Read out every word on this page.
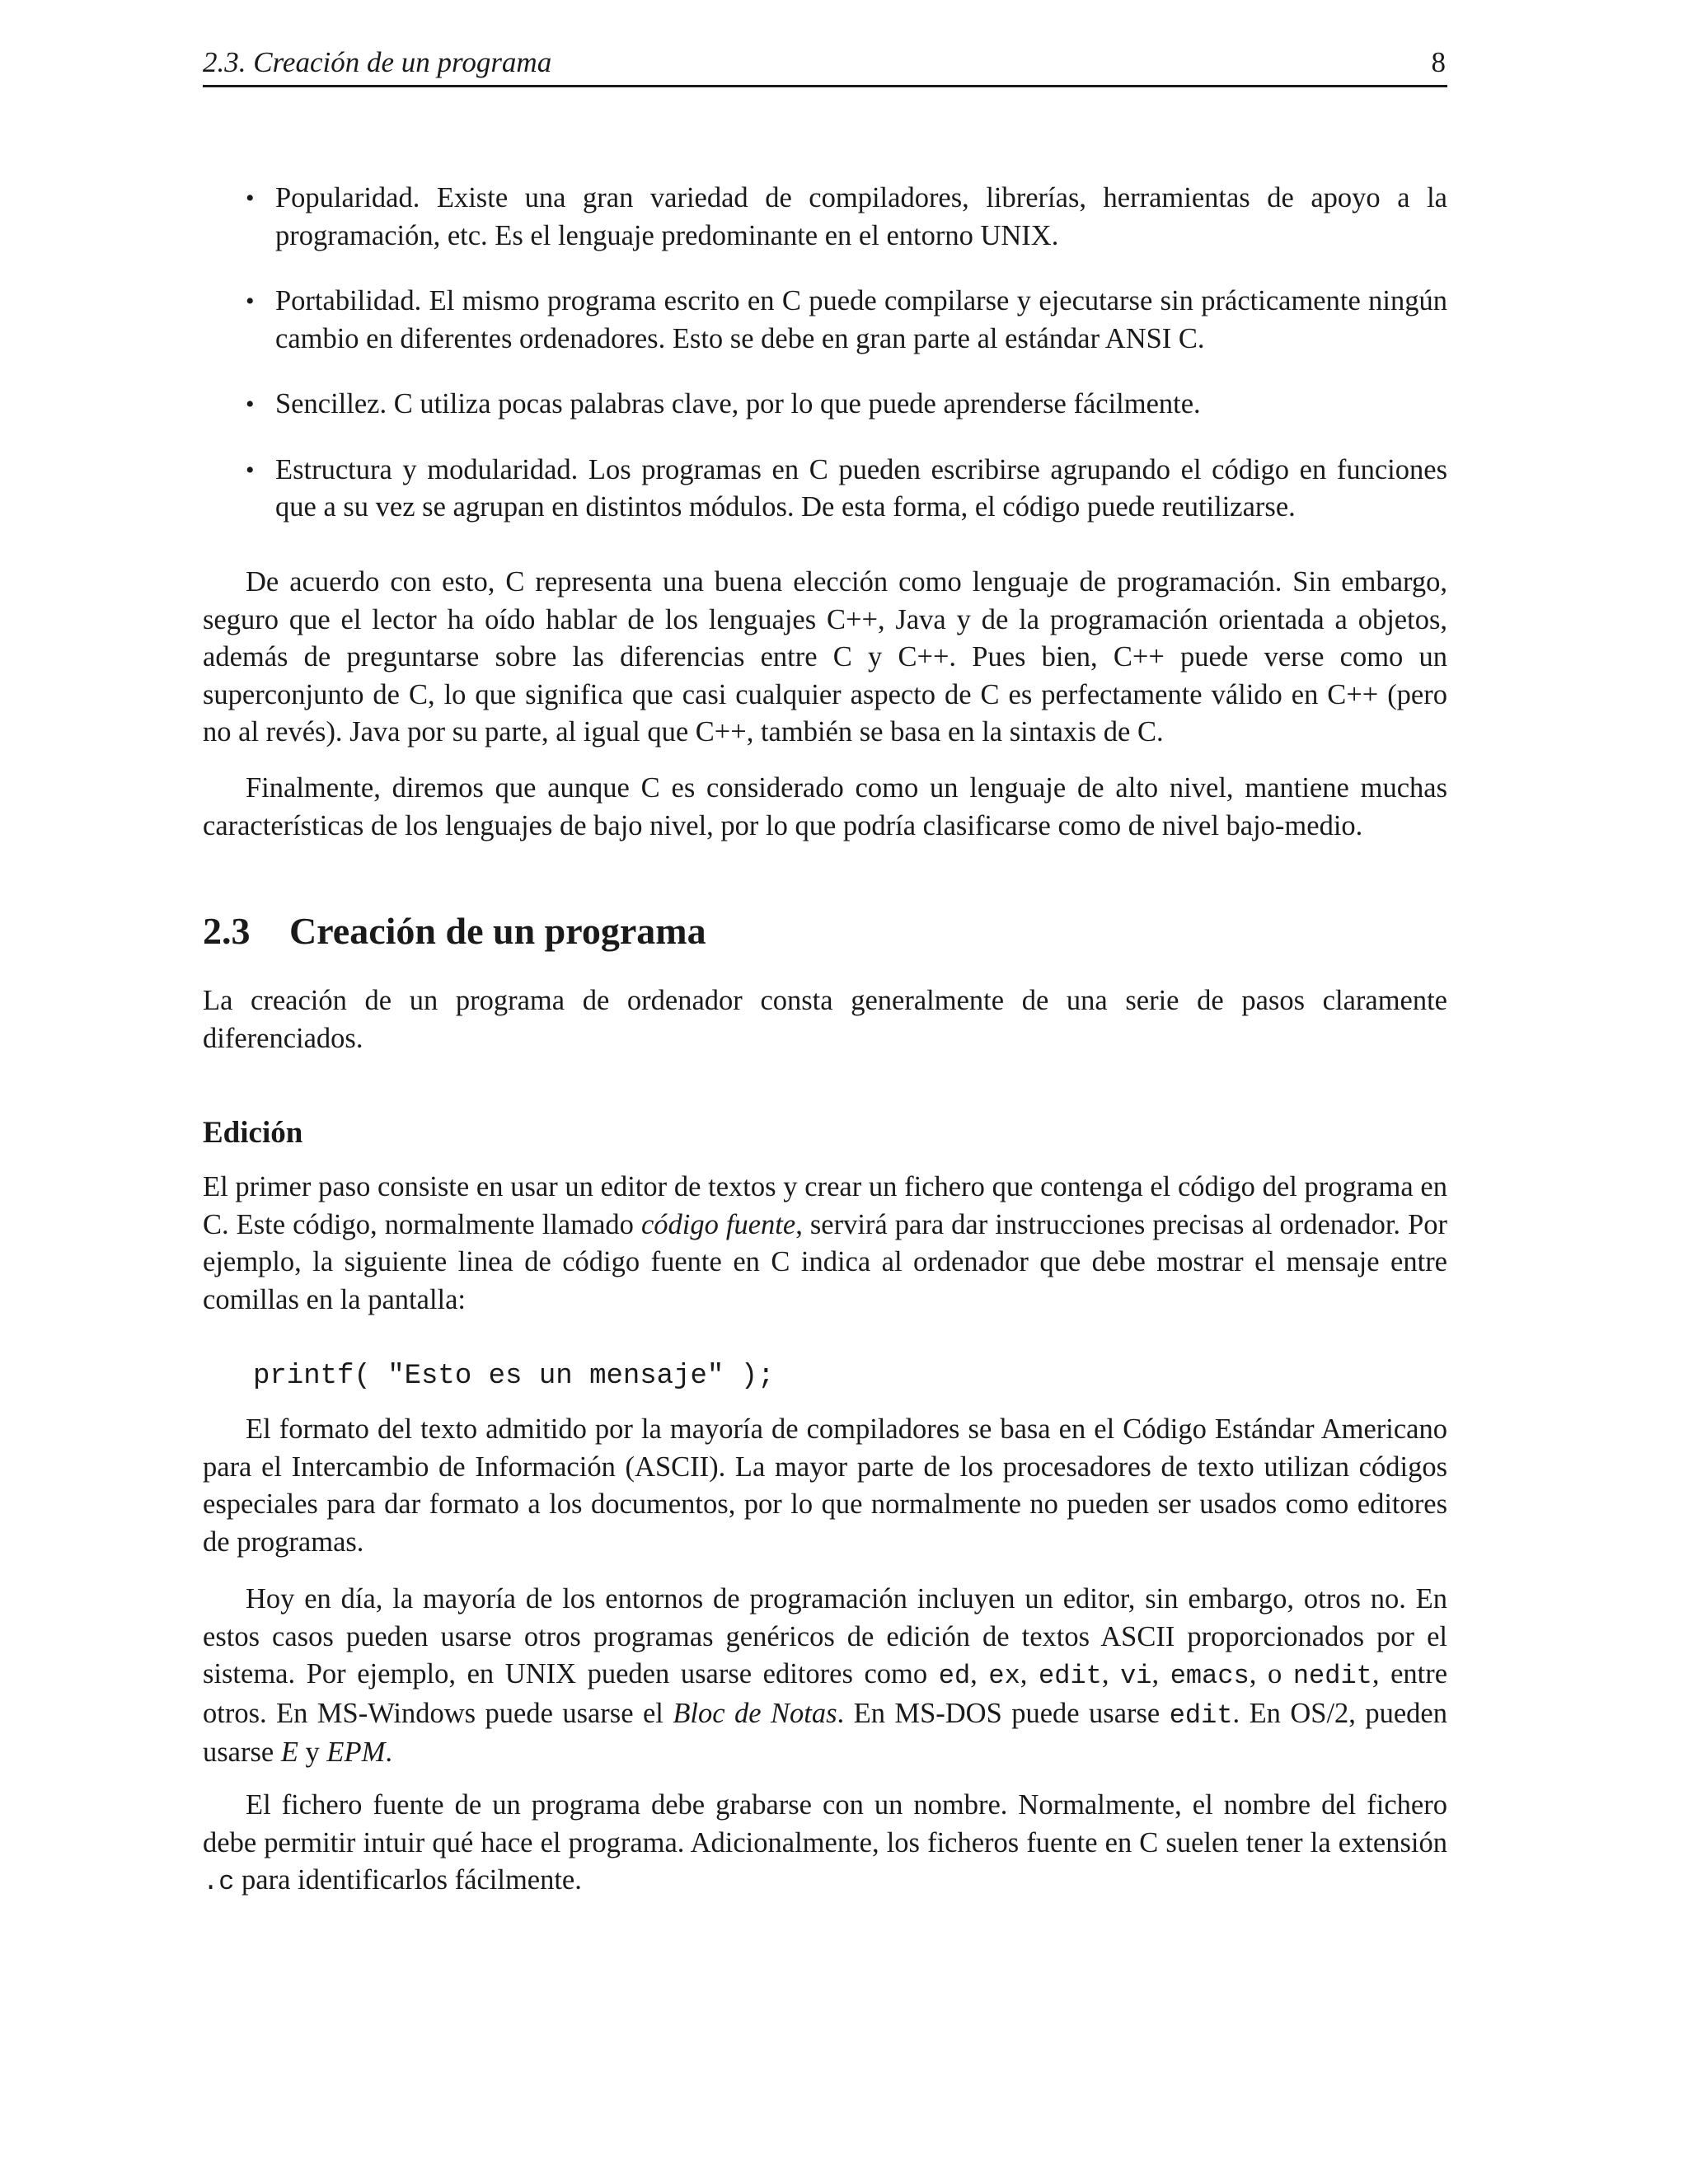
2.3. Creación de un programa	8
• Popularidad. Existe una gran variedad de compiladores, librerías, herramientas de apoyo a la programación, etc. Es el lenguaje predominante en el entorno UNIX.
• Portabilidad. El mismo programa escrito en C puede compilarse y ejecutarse sin prácticamente ningún cambio en diferentes ordenadores. Esto se debe en gran parte al estándar ANSI C.
• Sencillez. C utiliza pocas palabras clave, por lo que puede aprenderse fácilmente.
• Estructura y modularidad. Los programas en C pueden escribirse agrupando el código en funciones que a su vez se agrupan en distintos módulos. De esta forma, el código puede reutilizarse.

De acuerdo con esto, C representa una buena elección como lenguaje de programación. Sin embargo, seguro que el lector ha oído hablar de los lenguajes C++, Java y de la programación orientada a objetos, además de preguntarse sobre las diferencias entre C y C++. Pues bien, C++ puede verse como un superconjunto de C, lo que significa que casi cualquier aspecto de C es perfectamente válido en C++ (pero no al revés). Java por su parte, al igual que C++, también se basa en la sintaxis de C.

Finalmente, diremos que aunque C es considerado como un lenguaje de alto nivel, mantiene muchas características de los lenguajes de bajo nivel, por lo que podría clasificarse como de nivel bajo-medio.

2.3 Creación de un programa

La creación de un programa de ordenador consta generalmente de una serie de pasos claramente diferenciados.

Edición

El primer paso consiste en usar un editor de textos y crear un fichero que contenga el código del programa en C. Este código, normalmente llamado código fuente, servirá para dar instrucciones precisas al ordenador. Por ejemplo, la siguiente linea de código fuente en C indica al ordenador que debe mostrar el mensaje entre comillas en la pantalla:

printf( "Esto es un mensaje" );

El formato del texto admitido por la mayoría de compiladores se basa en el Código Estándar Americano para el Intercambio de Información (ASCII). La mayor parte de los procesadores de texto utilizan códigos especiales para dar formato a los documentos, por lo que normalmente no pueden ser usados como editores de programas.

Hoy en día, la mayoría de los entornos de programación incluyen un editor, sin embargo, otros no. En estos casos pueden usarse otros programas genéricos de edición de textos ASCII proporcionados por el sistema. Por ejemplo, en UNIX pueden usarse editores como ed, ex, edit, vi, emacs, o nedit, entre otros. En MS-Windows puede usarse el Bloc de Notas. En MS-DOS puede usarse edit. En OS/2, pueden usarse E y EPM.

El fichero fuente de un programa debe grabarse con un nombre. Normalmente, el nombre del fichero debe permitir intuir qué hace el programa. Adicionalmente, los ficheros fuente en C suelen tener la extensión .c para identificarlos fácilmente.
